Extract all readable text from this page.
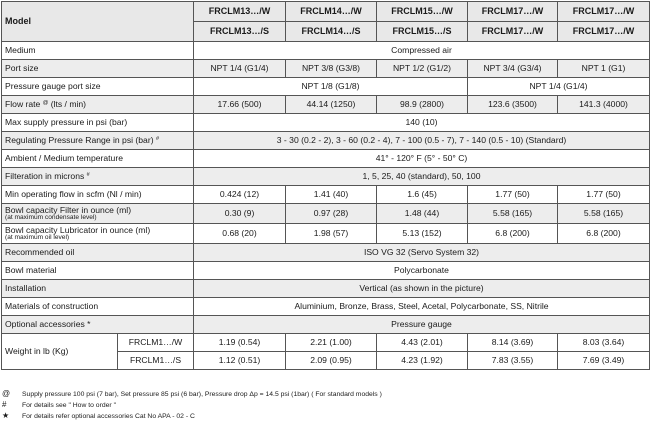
Model		FRCLM13…/W	FRCLM14…/W	FRCLM15…/W	FRCLM17…/W	FRCLM17…/W
		FRCLM13…/S	FRCLM14…/S	FRCLM15…/S	FRCLM17…/W	FRCLM17…/W
Medium		Compressed air				
Port size		NPT 1/4 (G1/4)	NPT 3/8 (G3/8)	NPT 1/2 (G1/2)	NPT 3/4 (G3/4)	NPT 1 (G1)
Pressure gauge port size		NPT 1/8 (G1/8)			NPT 1/4 (G1/4)	
Flow rate @ (lts / min)		17.66 (500)	44.14 (1250)	98.9 (2800)	123.6 (3500)	141.3 (4000)
Max supply pressure in psi (bar)		140 (10)				
Regulating Pressure Range in psi (bar) #		3 - 30 (0.2 - 2), 3 - 60 (0.2 - 4), 7 - 100 (0.5 - 7), 7 - 140 (0.5 - 10) (Standard)				
Ambient / Medium temperature		41° - 120° F (5° - 50° C)				
Filteration in microns #		1, 5, 25, 40 (standard), 50, 100				
Min operating flow in scfm (Nl / min)		0.424 (12)	1.41 (40)	1.6 (45)	1.77 (50)	1.77 (50)
Bowl capacity Filter in ounce (ml)
(at maximum condensate level)		0.30 (9)	0.97 (28)	1.48 (44)	5.58 (165)	5.58 (165)
Bowl capacity Lubricator in ounce (ml)
(at maximum oil level)		0.68 (20)	1.98 (57)	5.13 (152)	6.8 (200)	6.8 (200)
Recommended oil		ISO VG 32 (Servo System 32)				
Bowl material		Polycarbonate				
Installation		Vertical (as shown in the picture)				
Materials of construction		Aluminium, Bronze, Brass, Steel, Acetal, Polycarbonate, SS, Nitrile				
Optional accessories *		Pressure gauge				
Weight in lb (Kg)	FRCLM1…/W	1.19 (0.54)	2.21 (1.00)	4.43 (2.01)	8.14 (3.69)	8.03 (3.64)
	FRCLM1…/S	1.12 (0.51)	2.09 (0.95)	4.23 (1.92)	7.83 (3.55)	7.69 (3.49)
@ Supply pressure 100 psi (7 bar), Set pressure 85 psi (6 bar), Pressure drop Δp = 14.5 psi (1bar) ( For standard models )
# For details see " How to order "
★ For details refer optional accessories Cat No APA - 02 - C
